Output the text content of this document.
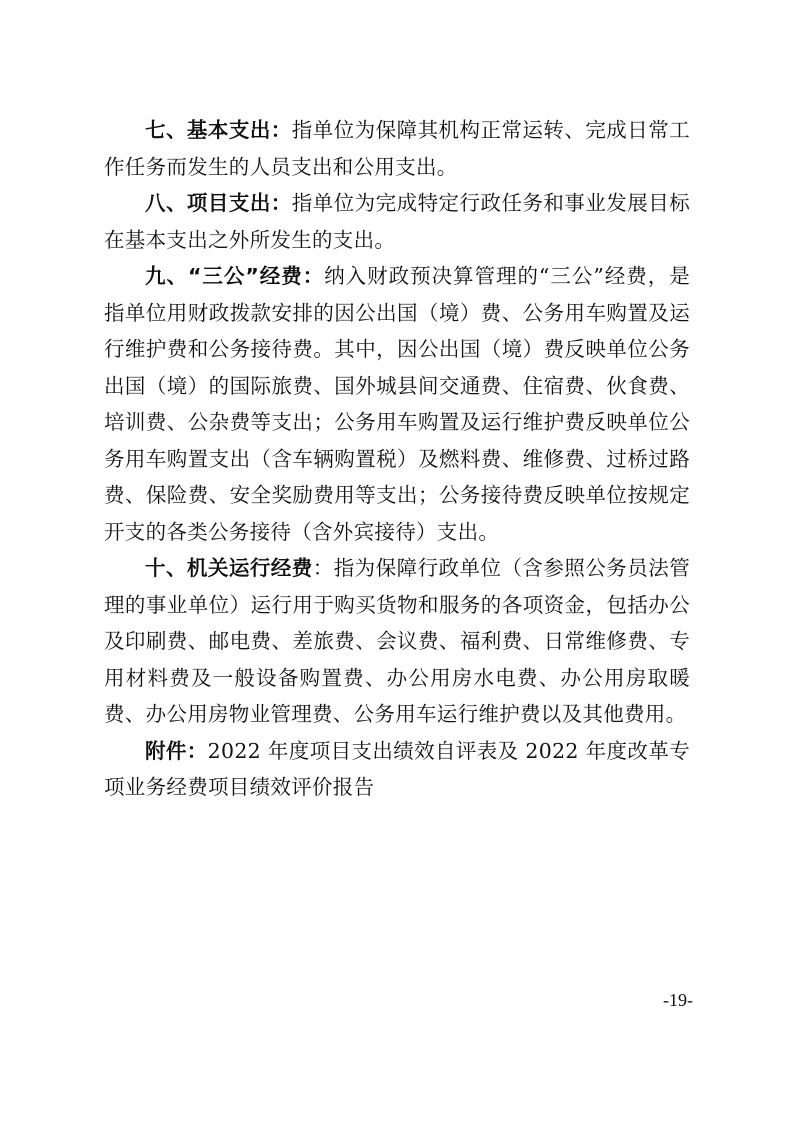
七、基本支出：指单位为保障其机构正常运转、完成日常工作任务而发生的人员支出和公用支出。

八、项目支出：指单位为完成特定行政任务和事业发展目标在基本支出之外所发生的支出。

九、“三公”经费：纳入财政预决算管理的“三公”经费，是指单位用财政拨款安排的因公出国（境）费、公务用车购置及运行维护费和公务接待费。其中，因公出国（境）费反映单位公务出国（境）的国际旅费、国外城县间交通费、住宿费、伙食费、培训费、公杂费等支出；公务用车购置及运行维护费反映单位公务用车购置支出（含车辆购置税）及燃料费、维修费、过桥过路费、保险费、安全奖励费用等支出；公务接待费反映单位按规定开支的各类公务接待（含外宾接待）支出。

十、机关运行经费：指为保障行政单位（含参照公务员法管理的事业单位）运行用于购买货物和服务的各项资金，包括办公及印刷费、邮电费、差旅费、会议费、福利费、日常维修费、专用材料费及一般设备购置费、办公用房水电费、办公用房取暖费、办公用房物业管理费、公务用车运行维护费以及其他费用。

附件：2022 年度项目支出绩效自评表及 2022 年度改革专项业务经费项目绩效评价报告

-19-
